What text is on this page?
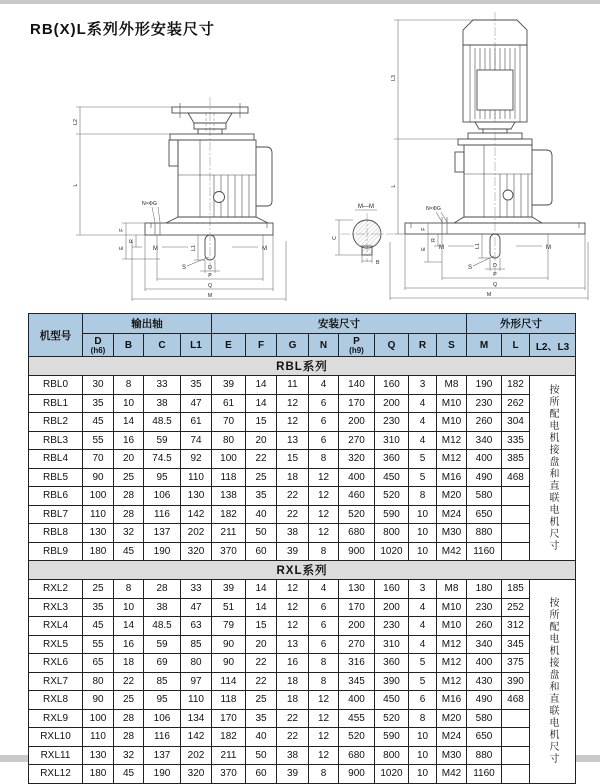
RB(X)L系列外形安装尺寸
N×ΦG
M	M
S	D
P
Q
M
L2
L
F
R
E	L1
M—M
C
B
N×ΦG
M	M
S	D
P
Q
M
L3
L
F
R
E
L1
机型号	输出轴				安装尺寸								外形尺寸		

D
(h6)	B	C	L1	E	F	G	N	P
(h9)	Q	R	S	M	L	L2、L3

RBL系列															
RBL0	30	8	33	35	39	14	11	4	140	160	3	M8	190	182	按所配电机接盘和直联电机尺寸
RBL1	35	10	38	47	61	14	12	6	170	200	4	M10	230	262	
RBL2	45	14	48.5	61	70	15	12	6	200	230	4	M10	260	304	
RBL3	55	16	59	74	80	20	13	6	270	310	4	M12	340	335	
RBL4	70	20	74.5	92	100	22	15	8	320	360	5	M12	400	385	
RBL5	90	25	95	110	118	25	18	12	400	450	5	M16	490	468	
RBL6	100	28	106	130	138	35	22	12	460	520	8	M20	580		
RBL7	110	28	116	142	182	40	22	12	520	590	10	M24	650		
RBL8	130	32	137	202	211	50	38	12	680	800	10	M30	880		
RBL9	180	45	190	320	370	60	39	8	900	1020	10	M42	1160		
RXL系列															
RXL2	25	8	28	33	39	14	12	4	130	160	3	M8	180	185	按所配电机接盘和直联电机尺寸
RXL3	35	10	38	47	51	14	12	6	170	200	4	M10	230	252	
RXL4	45	14	48.5	63	79	15	12	6	200	230	4	M10	260	312	
RXL5	55	16	59	85	90	20	13	6	270	310	4	M12	340	345	
RXL6	65	18	69	80	90	22	16	8	316	360	5	M12	400	375	
RXL7	80	22	85	97	114	22	18	8	345	390	5	M12	430	390	
RXL8	90	25	95	110	118	25	18	12	400	450	6	M16	490	468	
RXL9	100	28	106	134	170	35	22	12	455	520	8	M20	580		
RXL10	110	28	116	142	182	40	22	12	520	590	10	M24	650		
RXL11	130	32	137	202	211	50	38	12	680	800	10	M30	880		
RXL12	180	45	190	320	370	60	39	8	900	1020	10	M42	1160		
